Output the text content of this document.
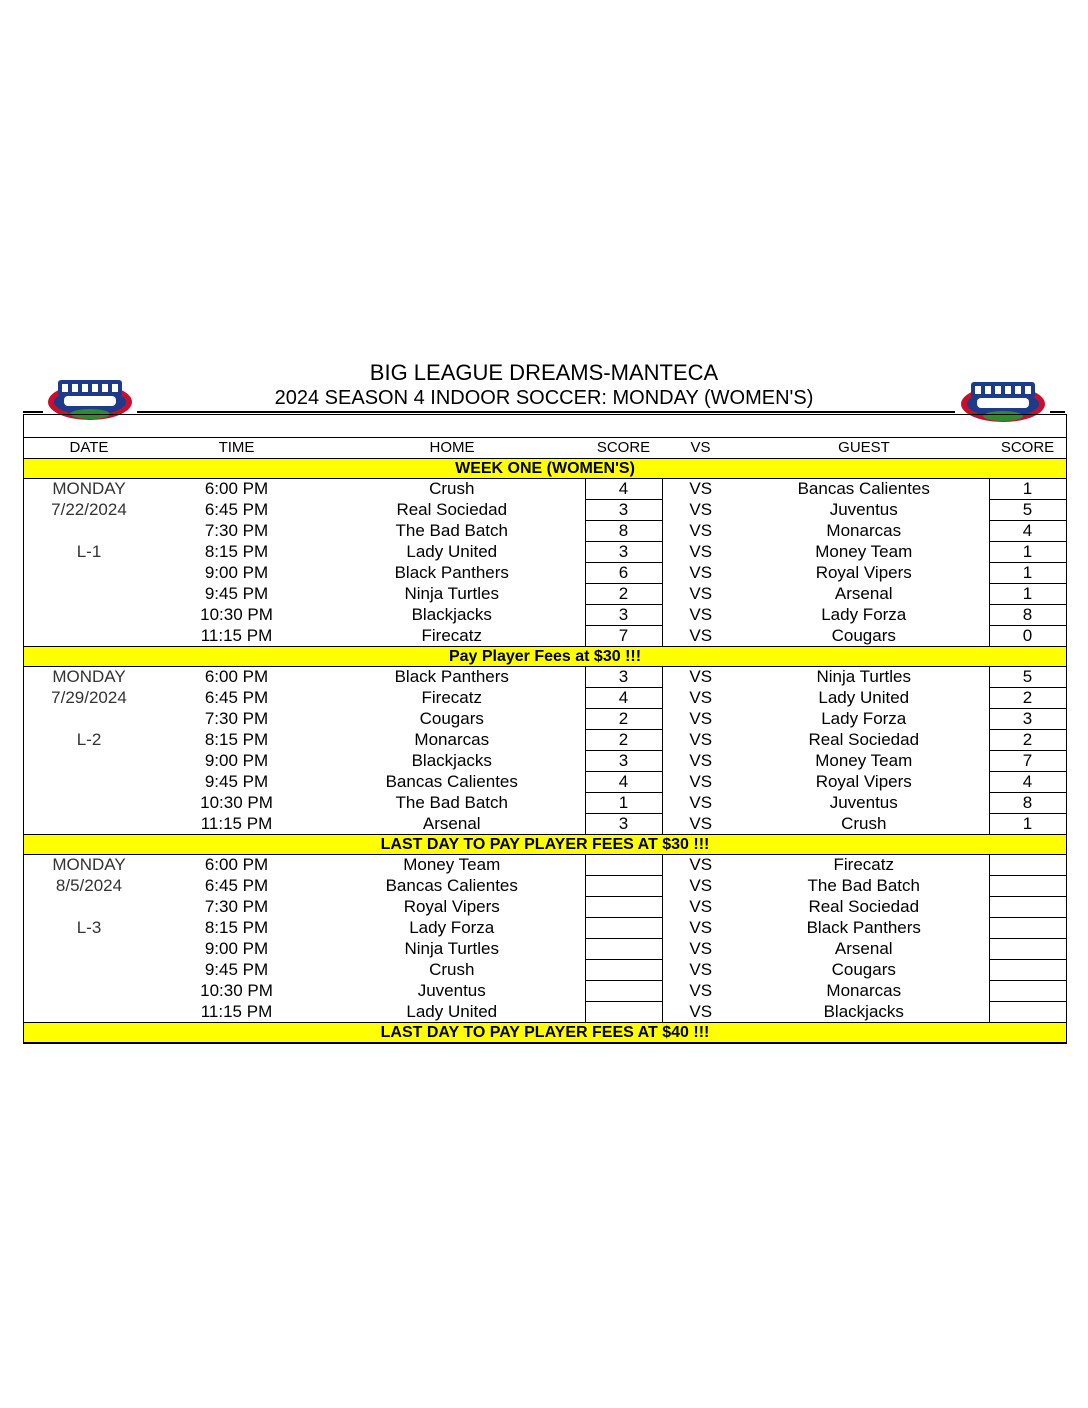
BIG LEAGUE DREAMS-MANTECA
2024 SEASON 4 INDOOR SOCCER: MONDAY (WOMEN'S)
DATE	TIME	HOME	SCORE	VS	GUEST	SCORE
WEEK ONE (WOMEN'S)						
MONDAY	6:00 PM	Crush	4	VS	Bancas Calientes	1
7/22/2024	6:45 PM	Real Sociedad	3	VS	Juventus	5
	7:30 PM	The Bad Batch	8	VS	Monarcas	4
L-1	8:15 PM	Lady United	3	VS	Money Team	1
	9:00 PM	Black Panthers	6	VS	Royal Vipers	1
	9:45 PM	Ninja Turtles	2	VS	Arsenal	1
	10:30 PM	Blackjacks	3	VS	Lady Forza	8
	11:15 PM	Firecatz	7	VS	Cougars	0
Pay Player Fees at $30 !!!						
MONDAY	6:00 PM	Black Panthers	3	VS	Ninja Turtles	5
7/29/2024	6:45 PM	Firecatz	4	VS	Lady United	2
	7:30 PM	Cougars	2	VS	Lady Forza	3
L-2	8:15 PM	Monarcas	2	VS	Real Sociedad	2
	9:00 PM	Blackjacks	3	VS	Money Team	7
	9:45 PM	Bancas Calientes	4	VS	Royal Vipers	4
	10:30 PM	The Bad Batch	1	VS	Juventus	8
	11:15 PM	Arsenal	3	VS	Crush	1
LAST DAY TO PAY PLAYER FEES AT $30 !!!						
MONDAY	6:00 PM	Money Team		VS	Firecatz	
8/5/2024	6:45 PM	Bancas Calientes		VS	The Bad Batch	
	7:30 PM	Royal Vipers		VS	Real Sociedad	
L-3	8:15 PM	Lady Forza		VS	Black Panthers	
	9:00 PM	Ninja Turtles		VS	Arsenal	
	9:45 PM	Crush		VS	Cougars	
	10:30 PM	Juventus		VS	Monarcas	
	11:15 PM	Lady United		VS	Blackjacks	
LAST DAY TO PAY PLAYER FEES AT $40 !!!						
